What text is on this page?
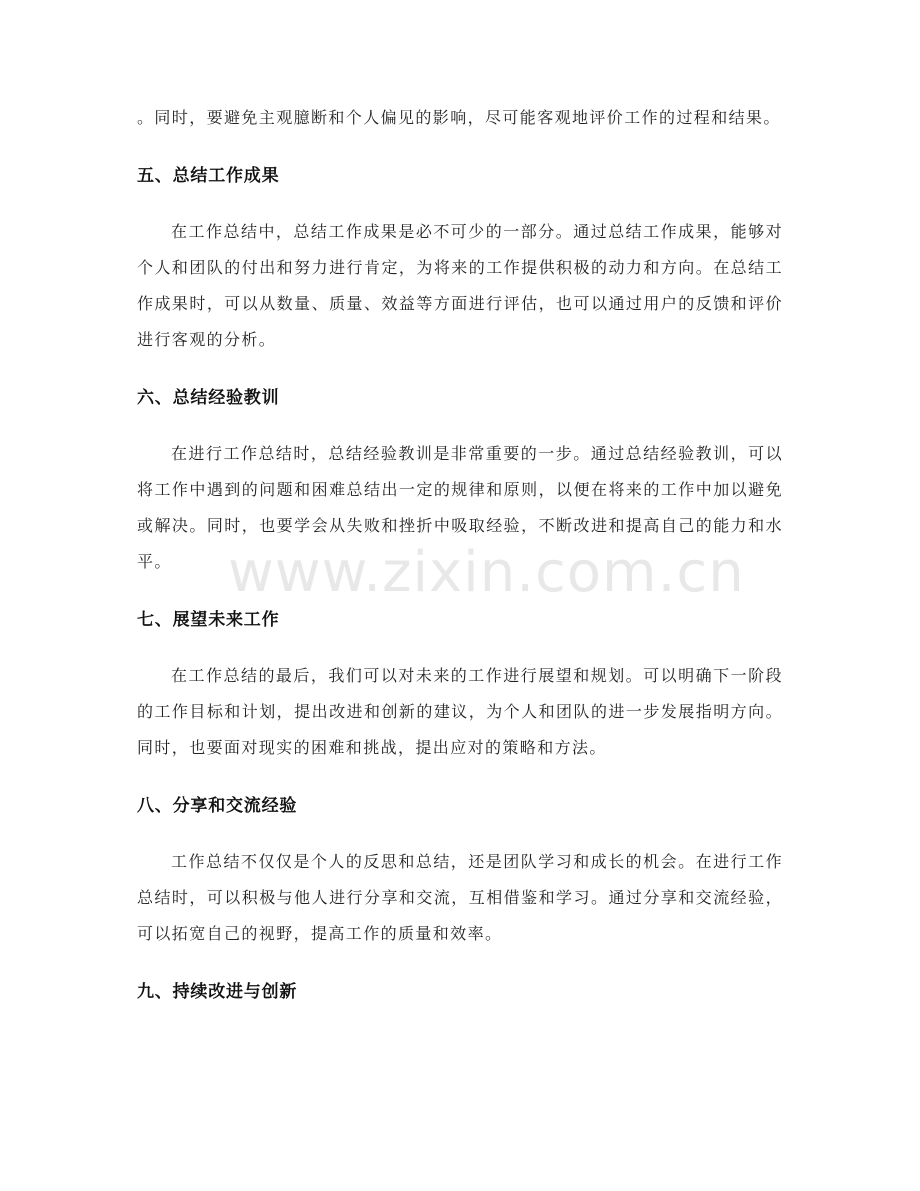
。同时，要避免主观臆断和个人偏见的影响，尽可能客观地评价工作的过程和结果。

五、总结工作成果

在工作总结中，总结工作成果是必不可少的一部分。通过总结工作成果，能够对个人和团队的付出和努力进行肯定，为将来的工作提供积极的动力和方向。在总结工作成果时，可以从数量、质量、效益等方面进行评估，也可以通过用户的反馈和评价进行客观的分析。

六、总结经验教训

在进行工作总结时，总结经验教训是非常重要的一步。通过总结经验教训，可以将工作中遇到的问题和困难总结出一定的规律和原则，以便在将来的工作中加以避免或解决。同时，也要学会从失败和挫折中吸取经验，不断改进和提高自己的能力和水平。

七、展望未来工作

在工作总结的最后，我们可以对未来的工作进行展望和规划。可以明确下一阶段的工作目标和计划，提出改进和创新的建议，为个人和团队的进一步发展指明方向。同时，也要面对现实的困难和挑战，提出应对的策略和方法。

八、分享和交流经验

工作总结不仅仅是个人的反思和总结，还是团队学习和成长的机会。在进行工作总结时，可以积极与他人进行分享和交流，互相借鉴和学习。通过分享和交流经验，可以拓宽自己的视野，提高工作的质量和效率。

九、持续改进与创新
www.zixin.com.cn
